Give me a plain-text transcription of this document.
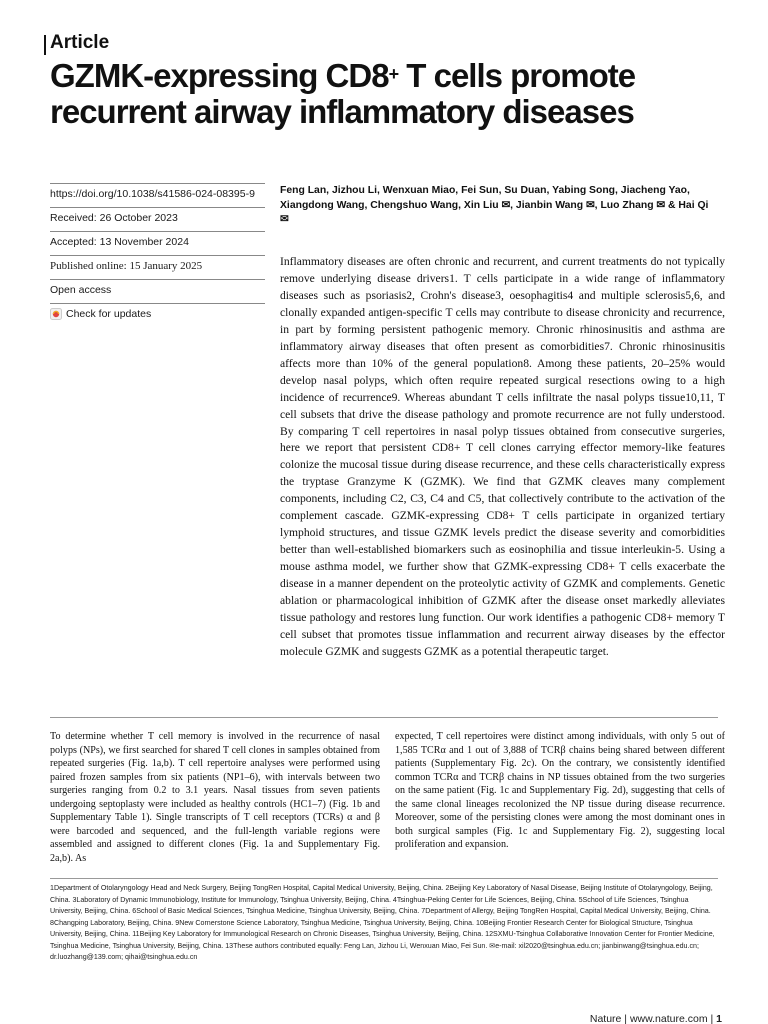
Article
GZMK-expressing CD8+ T cells promote recurrent airway inflammatory diseases
https://doi.org/10.1038/s41586-024-08395-9
Received: 26 October 2023
Accepted: 13 November 2024
Published online: 15 January 2025
Open access
Check for updates
Feng Lan, Jizhou Li, Wenxuan Miao, Fei Sun, Su Duan, Yabing Song, Jiacheng Yao, Xiangdong Wang, Chengshuo Wang, Xin Liu ✉, Jianbin Wang ✉, Luo Zhang ✉ & Hai Qi ✉
Inflammatory diseases are often chronic and recurrent, and current treatments do not typically remove underlying disease drivers1. T cells participate in a wide range of inflammatory diseases such as psoriasis2, Crohn's disease3, oesophagitis4 and multiple sclerosis5,6, and clonally expanded antigen-specific T cells may contribute to disease chronicity and recurrence, in part by forming persistent pathogenic memory. Chronic rhinosinusitis and asthma are inflammatory airway diseases that often present as comorbidities7. Chronic rhinosinusitis affects more than 10% of the general population8. Among these patients, 20–25% would develop nasal polyps, which often require repeated surgical resections owing to a high incidence of recurrence9. Whereas abundant T cells infiltrate the nasal polyps tissue10,11, T cell subsets that drive the disease pathology and promote recurrence are not fully understood. By comparing T cell repertoires in nasal polyp tissues obtained from consecutive surgeries, here we report that persistent CD8+ T cell clones carrying effector memory-like features colonize the mucosal tissue during disease recurrence, and these cells characteristically express the tryptase Granzyme K (GZMK). We find that GZMK cleaves many complement components, including C2, C3, C4 and C5, that collectively contribute to the activation of the complement cascade. GZMK-expressing CD8+ T cells participate in organized tertiary lymphoid structures, and tissue GZMK levels predict the disease severity and comorbidities better than well-established biomarkers such as eosinophilia and tissue interleukin-5. Using a mouse asthma model, we further show that GZMK-expressing CD8+ T cells exacerbate the disease in a manner dependent on the proteolytic activity of GZMK and complements. Genetic ablation or pharmacological inhibition of GZMK after the disease onset markedly alleviates tissue pathology and restores lung function. Our work identifies a pathogenic CD8+ memory T cell subset that promotes tissue inflammation and recurrent airway diseases by the effector molecule GZMK and suggests GZMK as a potential therapeutic target.
To determine whether T cell memory is involved in the recurrence of nasal polyps (NPs), we first searched for shared T cell clones in samples obtained from repeated surgeries (Fig. 1a,b). T cell repertoire analyses were performed using paired frozen samples from six patients (NP1–6), with intervals between two surgeries ranging from 0.2 to 3.1 years. Nasal tissues from seven patients undergoing septoplasty were included as healthy controls (HC1–7) (Fig. 1b and Supplementary Table 1). Single transcripts of T cell receptors (TCRs) α and β were barcoded and sequenced, and the full-length variable regions were assembled and assigned to different clones (Fig. 1a and Supplementary Fig. 2a,b). As
expected, T cell repertoires were distinct among individuals, with only 5 out of 1,585 TCRα and 1 out of 3,888 of TCRβ chains being shared between different patients (Supplementary Fig. 2c). On the contrary, we consistently identified common TCRα and TCRβ chains in NP tissues obtained from the two surgeries on the same patient (Fig. 1c and Supplementary Fig. 2d), suggesting that cells of the same clonal lineages recolonized the NP tissue during disease recurrence. Moreover, some of the persisting clones were among the most dominant ones in both surgical samples (Fig. 1c and Supplementary Fig. 2), suggesting local proliferation and expansion.
1Department of Otolaryngology Head and Neck Surgery, Beijing TongRen Hospital, Capital Medical University, Beijing, China. 2Beijing Key Laboratory of Nasal Disease, Beijing Institute of Otolaryngology, Beijing, China. 3Laboratory of Dynamic Immunobiology, Institute for Immunology, Tsinghua University, Beijing, China. 4Tsinghua-Peking Center for Life Sciences, Beijing, China. 5School of Life Sciences, Tsinghua University, Beijing, China. 6School of Basic Medical Sciences, Tsinghua Medicine, Tsinghua University, Beijing, China. 7Department of Allergy, Beijing TongRen Hospital, Capital Medical University, Beijing, China. 8Changping Laboratory, Beijing, China. 9New Cornerstone Science Laboratory, Tsinghua Medicine, Tsinghua University, Beijing, China. 10Beijing Frontier Research Center for Biological Structure, Tsinghua University, Beijing, China. 11Beijing Key Laboratory for Immunological Research on Chronic Diseases, Tsinghua University, Beijing, China. 12SXMU-Tsinghua Collaborative Innovation Center for Frontier Medicine, Tsinghua Medicine, Tsinghua University, Beijing, China. 13These authors contributed equally: Feng Lan, Jizhou Li, Wenxuan Miao, Fei Sun. ✉e-mail: xil2020@tsinghua.edu.cn; jianbinwang@tsinghua.edu.cn; dr.luozhang@139.com; qihai@tsinghua.edu.cn
Nature | www.nature.com | 1
